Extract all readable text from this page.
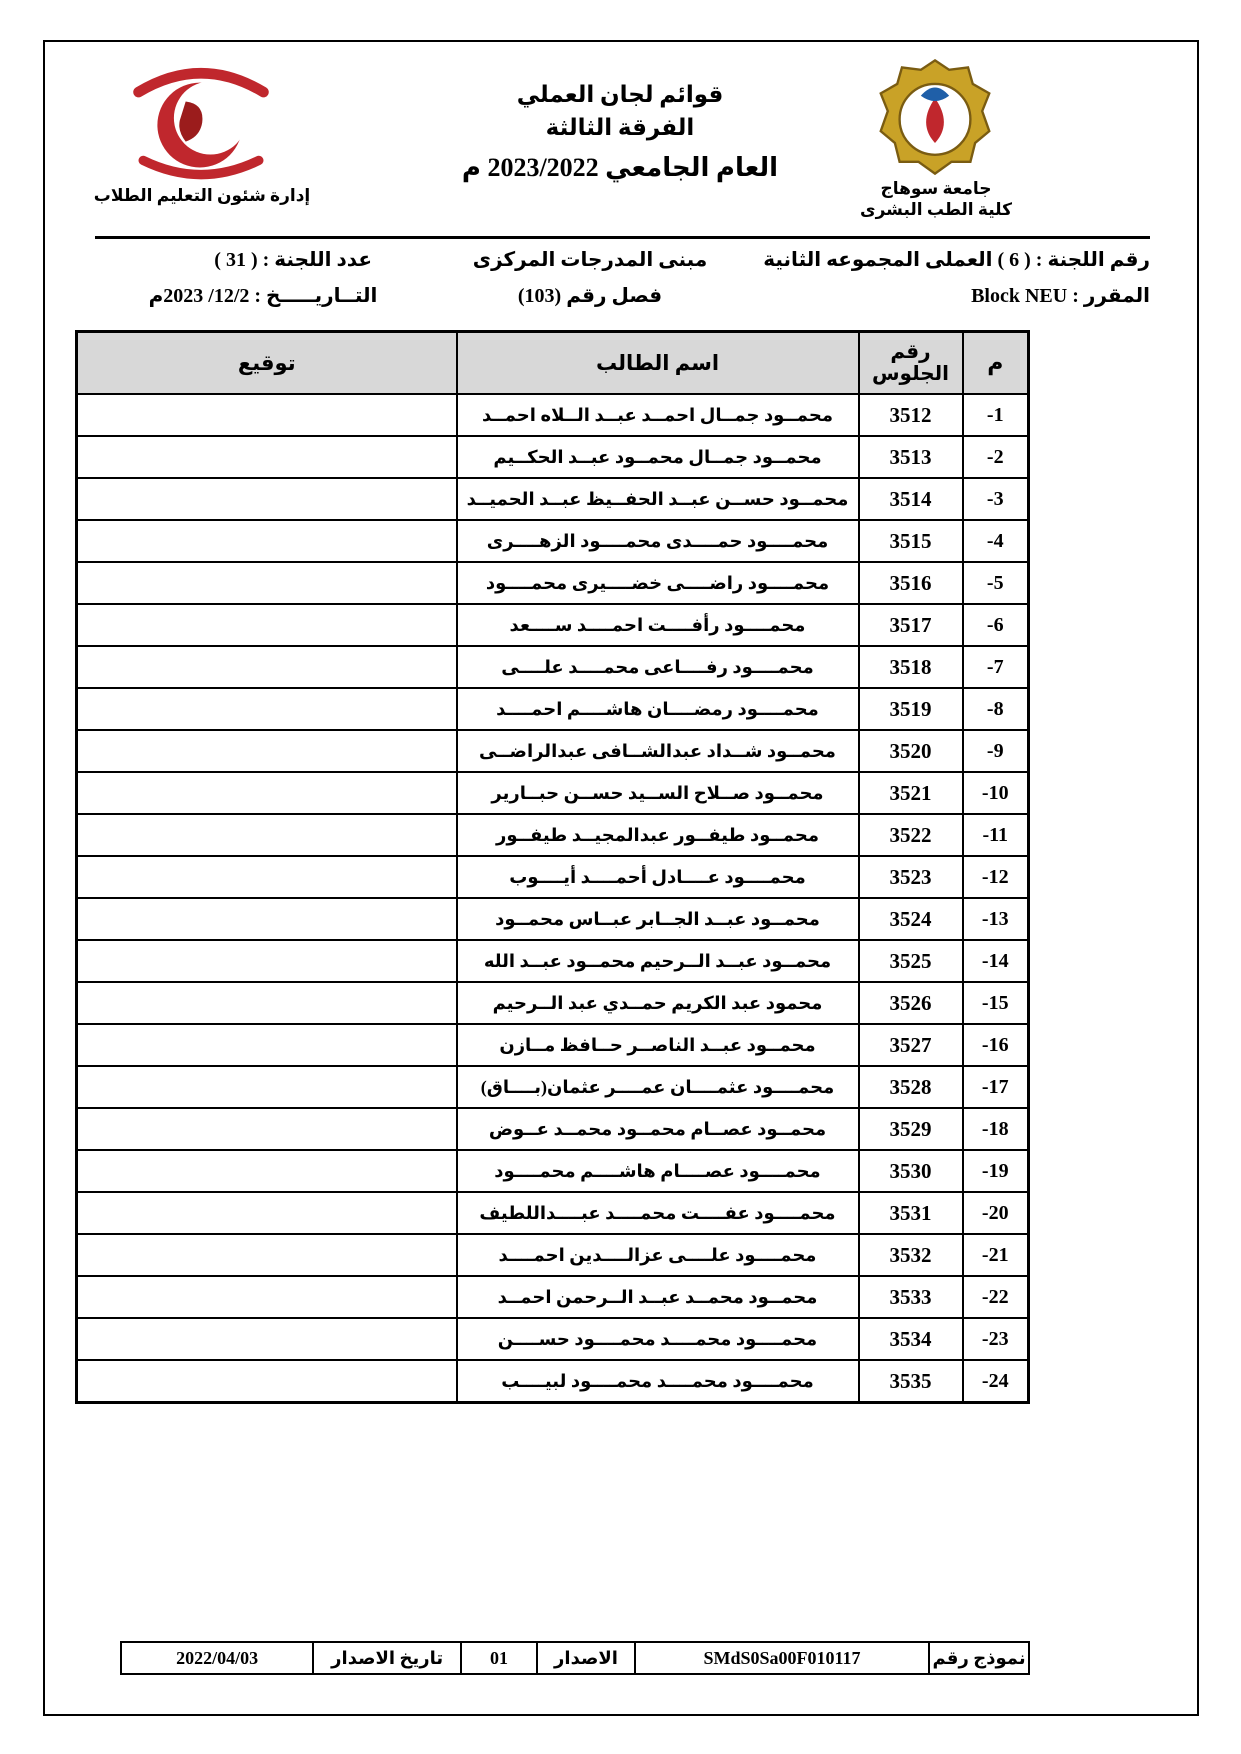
جامعة سوهاج
كلية الطب البشرى
إدارة شئون التعليم الطلاب
قوائم لجان العملي
الفرقة الثالثة
العام الجامعي 2023/2022 م
رقم اللجنة : ( 6 ) العملى المجموعه الثانية
مبنى المدرجات المركزى
عدد اللجنة : ( 31 )
المقرر : Block NEU
فصل رقم (103)
التــاريـــــخ : 12/2/ 2023م
م	رقم الجلوس	اسم الطالب	توقيع
1-	3512	محمــود جمــال احمــد عبــد الــلاه احمــد	
2-	3513	محمــود جمــال محمــود عبــد الحكــيم	
3-	3514	محمــود حســن عبــد الحفــيظ عبــد الحميــد	
4-	3515	محمــــود حمــــدى محمــــود الزهــــرى	
5-	3516	محمــــود راضــــى خضــــيرى محمــــود	
6-	3517	محمــــود رأفــــت احمــــد ســــعد	
7-	3518	محمــــود رفــــاعى محمــــد علــــى	
8-	3519	محمــــود رمضــــان هاشــــم احمــــد	
9-	3520	محمــود شــداد عبدالشــافى عبدالراضــى	
10-	3521	محمــود صــلاح الســيد حســن حبــارير	
11-	3522	محمــود طيفــور عبدالمجيــد طيفــور	
12-	3523	محمــــود عــــادل أحمــــد أيــــوب	
13-	3524	محمــود عبــد الجــابر عبــاس محمــود	
14-	3525	محمــود عبــد الــرحيم محمــود عبــد الله	
15-	3526	محمود عبد الكريم حمــدي عبد الــرحيم	
16-	3527	محمــود عبــد الناصــر حــافظ مــازن	
17-	3528	محمــــود عثمــــان عمــــر عثمان(بــــاق)	
18-	3529	محمــود عصــام محمــود محمــد عــوض	
19-	3530	محمــــود عصــــام هاشــــم محمــــود	
20-	3531	محمــــود عفــــت محمــــد عبــــداللطيف	
21-	3532	محمــــود علــــى عزالــــدين احمــــد	
22-	3533	محمــود محمــد عبــد الــرحمن احمــد	
23-	3534	محمــــود محمــــد محمــــود حســــن	
24-	3535	محمــــود محمــــد محمــــود لبيــــب	
نموذج رقم	SMdS0Sa00F010117	الاصدار	01	تاريخ الاصدار	2022/04/03
